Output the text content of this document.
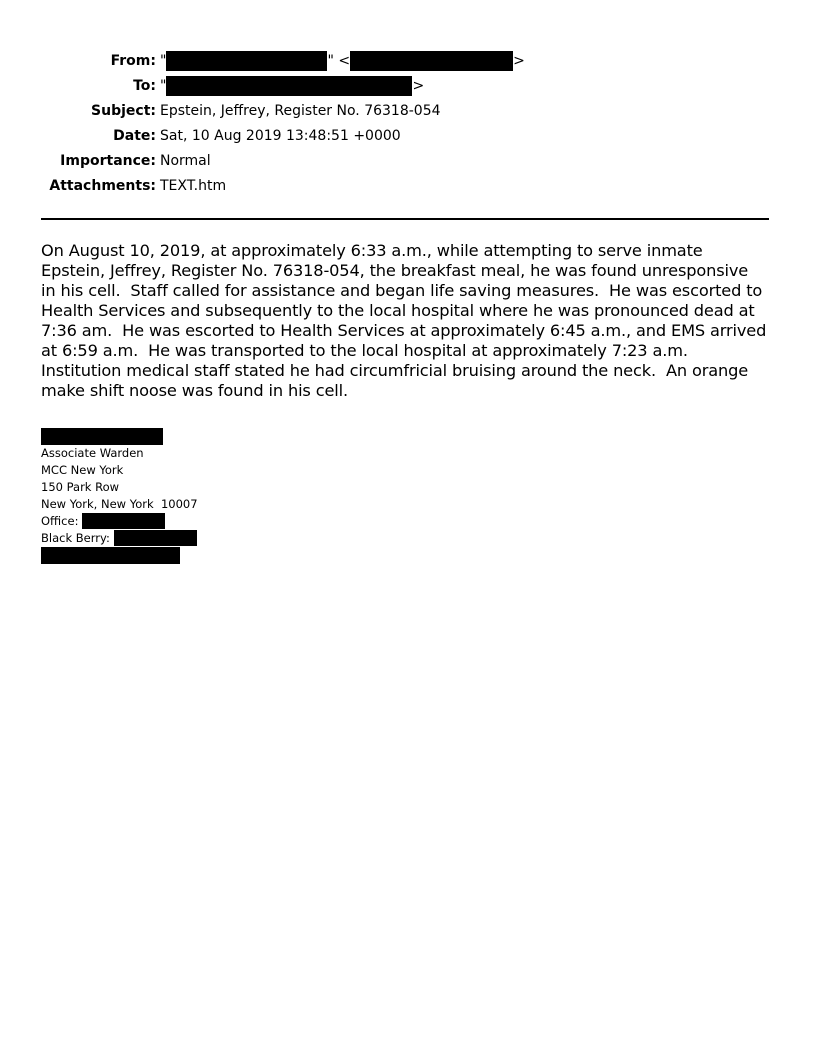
From: "	" <	>
To: "	>
Subject: Epstein, Jeffrey, Register No. 76318-054
Date: Sat, 10 Aug 2019 13:48:51 +0000
Importance: Normal
Attachments: TEXT.htm
On August 10, 2019, at approximately 6:33 a.m., while attempting to serve inmate
Epstein, Jeffrey, Register No. 76318-054, the breakfast meal, he was found unresponsive
in his cell.  Staff called for assistance and began life saving measures.  He was escorted to
Health Services and subsequently to the local hospital where he was pronounced dead at
7:36 am.  He was escorted to Health Services at approximately 6:45 a.m., and EMS arrived
at 6:59 a.m.  He was transported to the local hospital at approximately 7:23 a.m.
Institution medical staff stated he had circumfricial bruising around the neck.  An orange
make shift noose was found in his cell.
Associate Warden
MCC New York
150 Park Row
New York, New York  10007
Office:
Black Berry:
